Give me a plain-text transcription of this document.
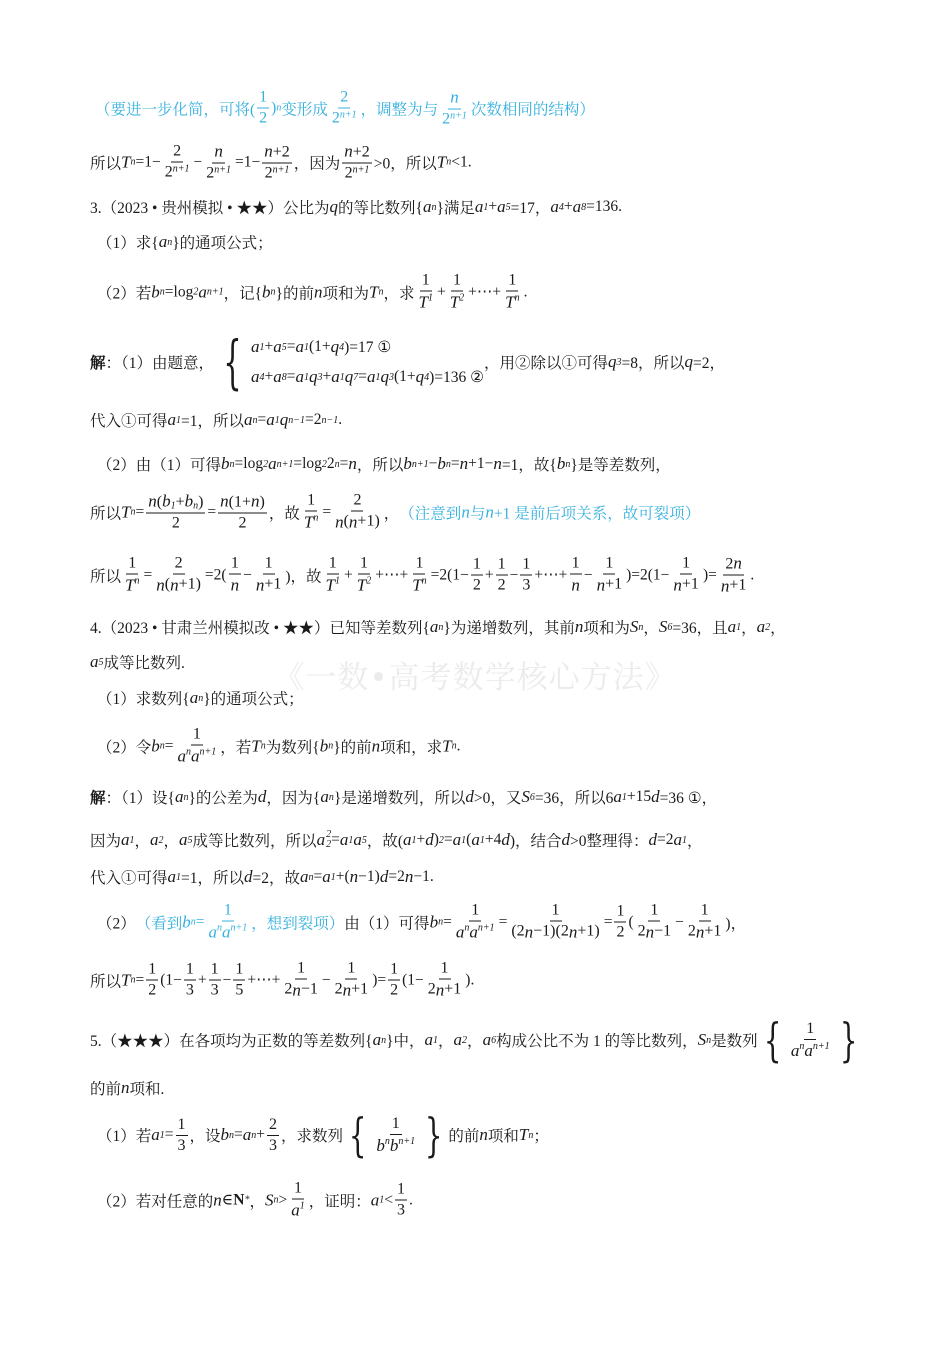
《一数•高考数学核心方法》
（要进一步化简，可将( $\frac{1}{2}$ ) n 变形成 $\frac{2}{2^{n+1}}$ ，调整为与 $\frac{n}{2^{n+1}}$ 次数相同的结构）
所以 T $n =1- \frac{2}{2^{n+1}} - \frac{n}{2^{n+1}} =1- \frac{n +2}{2^{n+1}}$ ，因为 $\frac{n +2}{2^{n+1}} >0$，所以 T n <1.
3.（2023 • 贵州模拟 • ★★）公比为 q 的等比数列{ a n }满足 a 1 + a 5 =17， a 4 + a 8 =136.
（1）求{ a n }的通项公式；
（2）若 b n =log 2 a n+1 ，记{ b n }的前 n 项和为 T n ，求 $\frac{1}{T^1} + \frac{1}{T^2}$ +⋯+ $\frac{1}{T^n}$ .
解 ：（1）由题意， { a 1 + a 5 = a 1 (1+ q 4 )=17 ①
a 4 + a 8 = a 1 q 3 + a 1 q 7 = a 1 q 3 (1+ q 4 )=136 ②
，用②除以①可得 q 3 =8，所以 q =2，
代入①可得 a 1 =1，所以 a n = a 1 q n−1 =2 n−1 .
（2）由（1）可得 b n =log 2 a n+1 =log 2 2 n = n ，所以 b n+1 − b n = n +1− n =1，故{ b n }是等差数列，
所以 T $n = \frac{n ( b_1 + b_n )}{2} = \frac{n (1+ n )}{2}$ ，故 $\frac{1}{T^n} = \frac{2}{n ( n +1)}$ ， （注意到 n 与 n +1 是前后项关系，故可裂项）
所以 $\frac{1}{T^n} = \frac{2}{n ( n +1)} =2( \frac{1}{n} - \frac{1}{n +1}$ )，故 $\frac{1}{T^1} + \frac{1}{T^2}$ +⋯+ $\frac{1}{T^n} =2(1- \frac{1}{2} + \frac{1}{2} - \frac{1}{3}$ +⋯+ $\frac{1}{n} - \frac{1}{n +1} )=2(1- \frac{1}{n +1}$ )= $\frac{2 n}{n +1}$ .
4.（2023 • 甘肃兰州模拟改 • ★★）已知等差数列{ a n }为递增数列，其前 n 项和为 S n ， S 6 =36，且 a 1 ， a 2 ，
a 5 成等比数列.
（1）求数列{ a n }的通项公式；
（2）令 b $n = \frac{1}{a^n a^{n+1}}$ ，若 T n 为数列{ b n }的前 n 项和，求 T n .
解 ：（1）设{ a n }的公差为 d ，因为{ a n }是递增数列，所以 d >0，又 S 6 =36，所以6 a 1 +15 d =36 ①，
因为 a 1 ， a 2 ， a 5 成等比数列，所以 a 2
2 = a 1 a 5 ，故( a 1 + d ) 2 = a 1 ( a 1 +4 d )，结合 d >0整理得： d =2 a 1 ，
代入①可得 a 1 =1，所以 d =2，故 a n = a 1 +( n −1) d =2 n −1.
（2） （看到 b $n = \frac{1}{a^n a^{n+1}}$ ，想到裂项） 由（1）可得 b $n = \frac{1}{a^n a^{n+1}} = \frac{1}{(2 n -1)(2 n +1)} = \frac{1}{2}$ ( $\frac{1}{2 n -1} - \frac{1}{2 n +1}$ )，
所以 T $n = \frac{1}{2} (1- \frac{1}{3} + \frac{1}{3} - \frac{1}{5}$ +⋯+ $\frac{1}{2 n -1} - \frac{1}{2 n +1}$ )= $\frac{1}{2} (1- \frac{1}{2 n +1}$ ).
5.（★★★）在各项均为正数的等差数列{ a n }中， a 1 ， a 2 ， a 6 构成公比不为 1 的等比数列， S n 是数列 { $\frac{1}{a^n a^{n+1}}$ }
的前 n 项和.
（1）若 a $1 = \frac{1}{3}$ ，设 b n = a $n + \frac{2}{3}$ ，求数列 { $\frac{1}{b^n b^{n+1}}$ } 的前 n 项和 T n ；
（2）若对任意的 n ∈ N * ， S $n > \frac{1}{a^1}$ ，证明： a $1 < \frac{1}{3}$ .
